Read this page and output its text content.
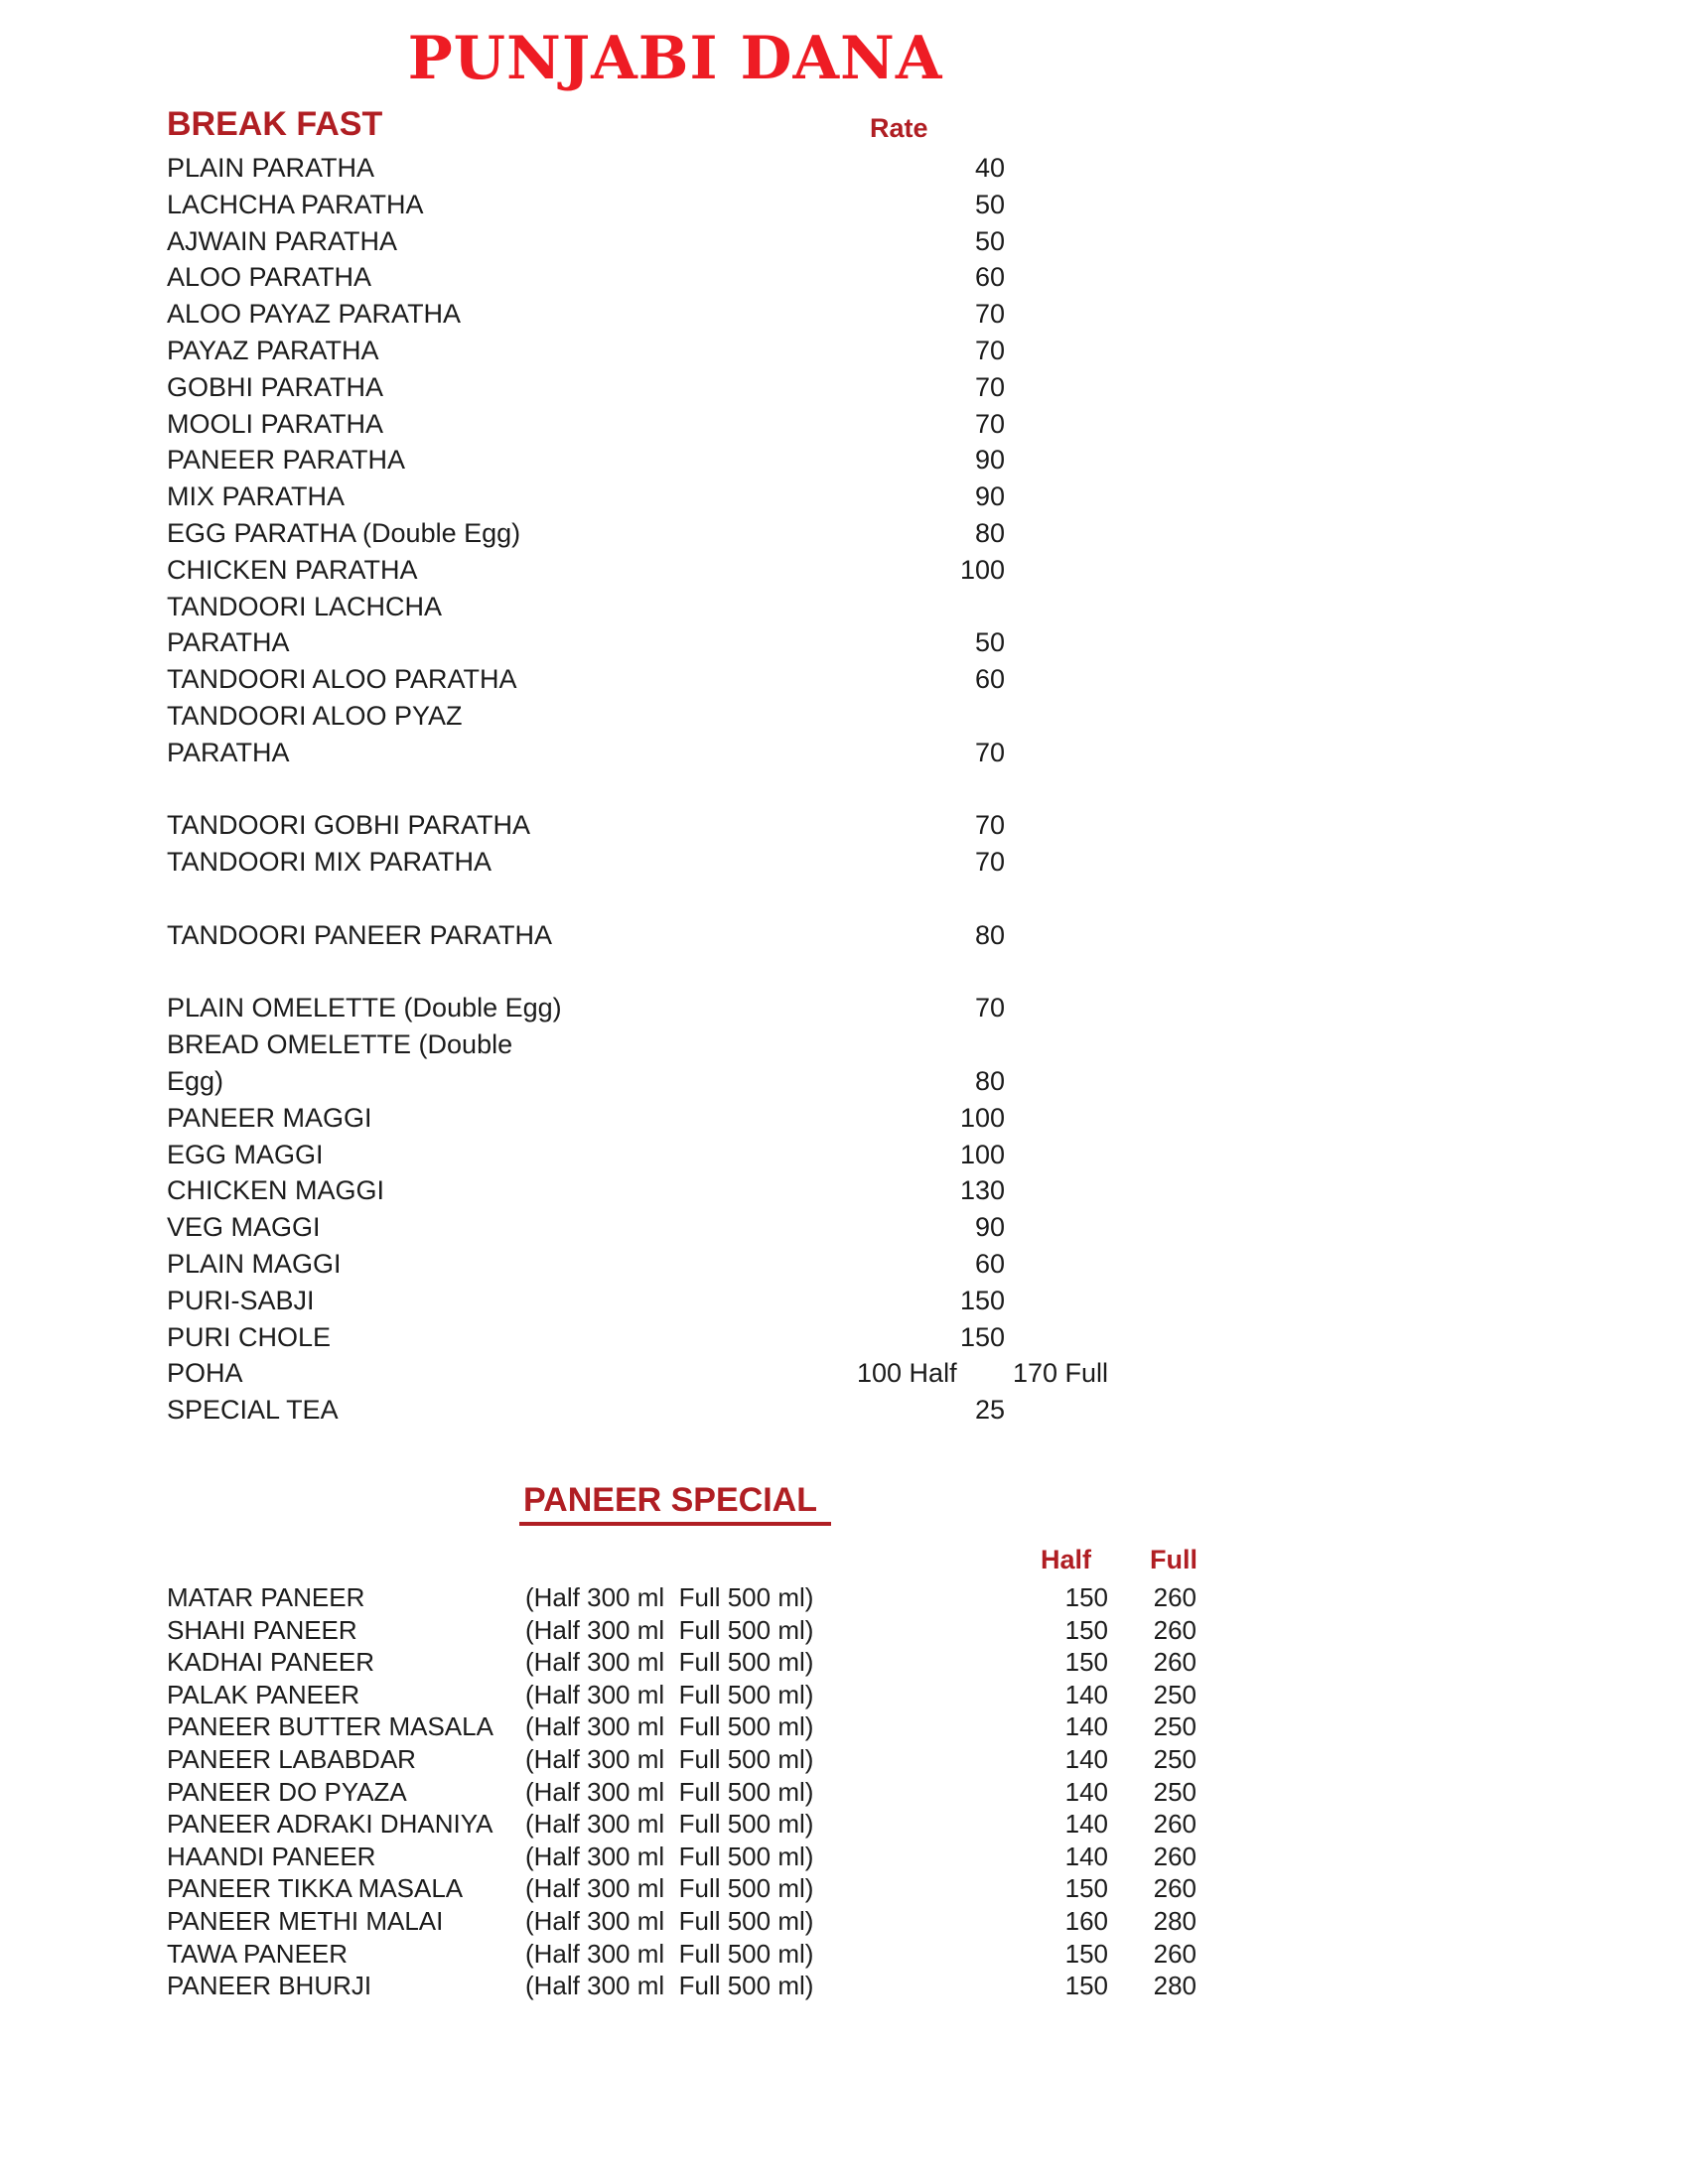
PUNJABI DANA
BREAK FAST	Rate
PLAIN PARATHA	40
LACHCHA PARATHA	50
AJWAIN PARATHA	50
ALOO PARATHA	60
ALOO PAYAZ PARATHA	70
PAYAZ PARATHA	70
GOBHI PARATHA	70
MOOLI PARATHA	70
PANEER PARATHA	90
MIX PARATHA	90
EGG PARATHA (Double Egg)	80
CHICKEN PARATHA	100
TANDOORI LACHCHA
PARATHA	50
TANDOORI ALOO PARATHA	60
TANDOORI ALOO PYAZ
PARATHA	70
TANDOORI GOBHI PARATHA	70
TANDOORI MIX PARATHA	70
TANDOORI PANEER PARATHA	80
PLAIN OMELETTE (Double Egg)	70
BREAD OMELETTE (Double
Egg)	80
PANEER MAGGI	100
EGG MAGGI	100
CHICKEN MAGGI	130
VEG MAGGI	90
PLAIN MAGGI	60
PURI-SABJI	150
PURI CHOLE	150
POHA	100 Half 170 Full
SPECIAL TEA	25
PANEER SPECIAL
Half Full
MATAR PANEER	(Half 300 ml  Full 500 ml)	150 260
SHAHI PANEER	(Half 300 ml  Full 500 ml)	150 260
KADHAI PANEER	(Half 300 ml  Full 500 ml)	150 260
PALAK PANEER	(Half 300 ml  Full 500 ml)	140 250
PANEER BUTTER MASALA (Half 300 ml  Full 500 ml)	140 250
PANEER LABABDAR	(Half 300 ml  Full 500 ml)	140 250
PANEER DO PYAZA	(Half 300 ml  Full 500 ml)	140 250
PANEER ADRAKI DHANIYA (Half 300 ml  Full 500 ml)	140 260
HAANDI PANEER	(Half 300 ml  Full 500 ml)	140 260
PANEER TIKKA MASALA (Half 300 ml  Full 500 ml)	150 260
PANEER METHI MALAI	(Half 300 ml  Full 500 ml)	160 280
TAWA PANEER	(Half 300 ml  Full 500 ml)	150 260
PANEER BHURJI	(Half 300 ml  Full 500 ml)	150 280
